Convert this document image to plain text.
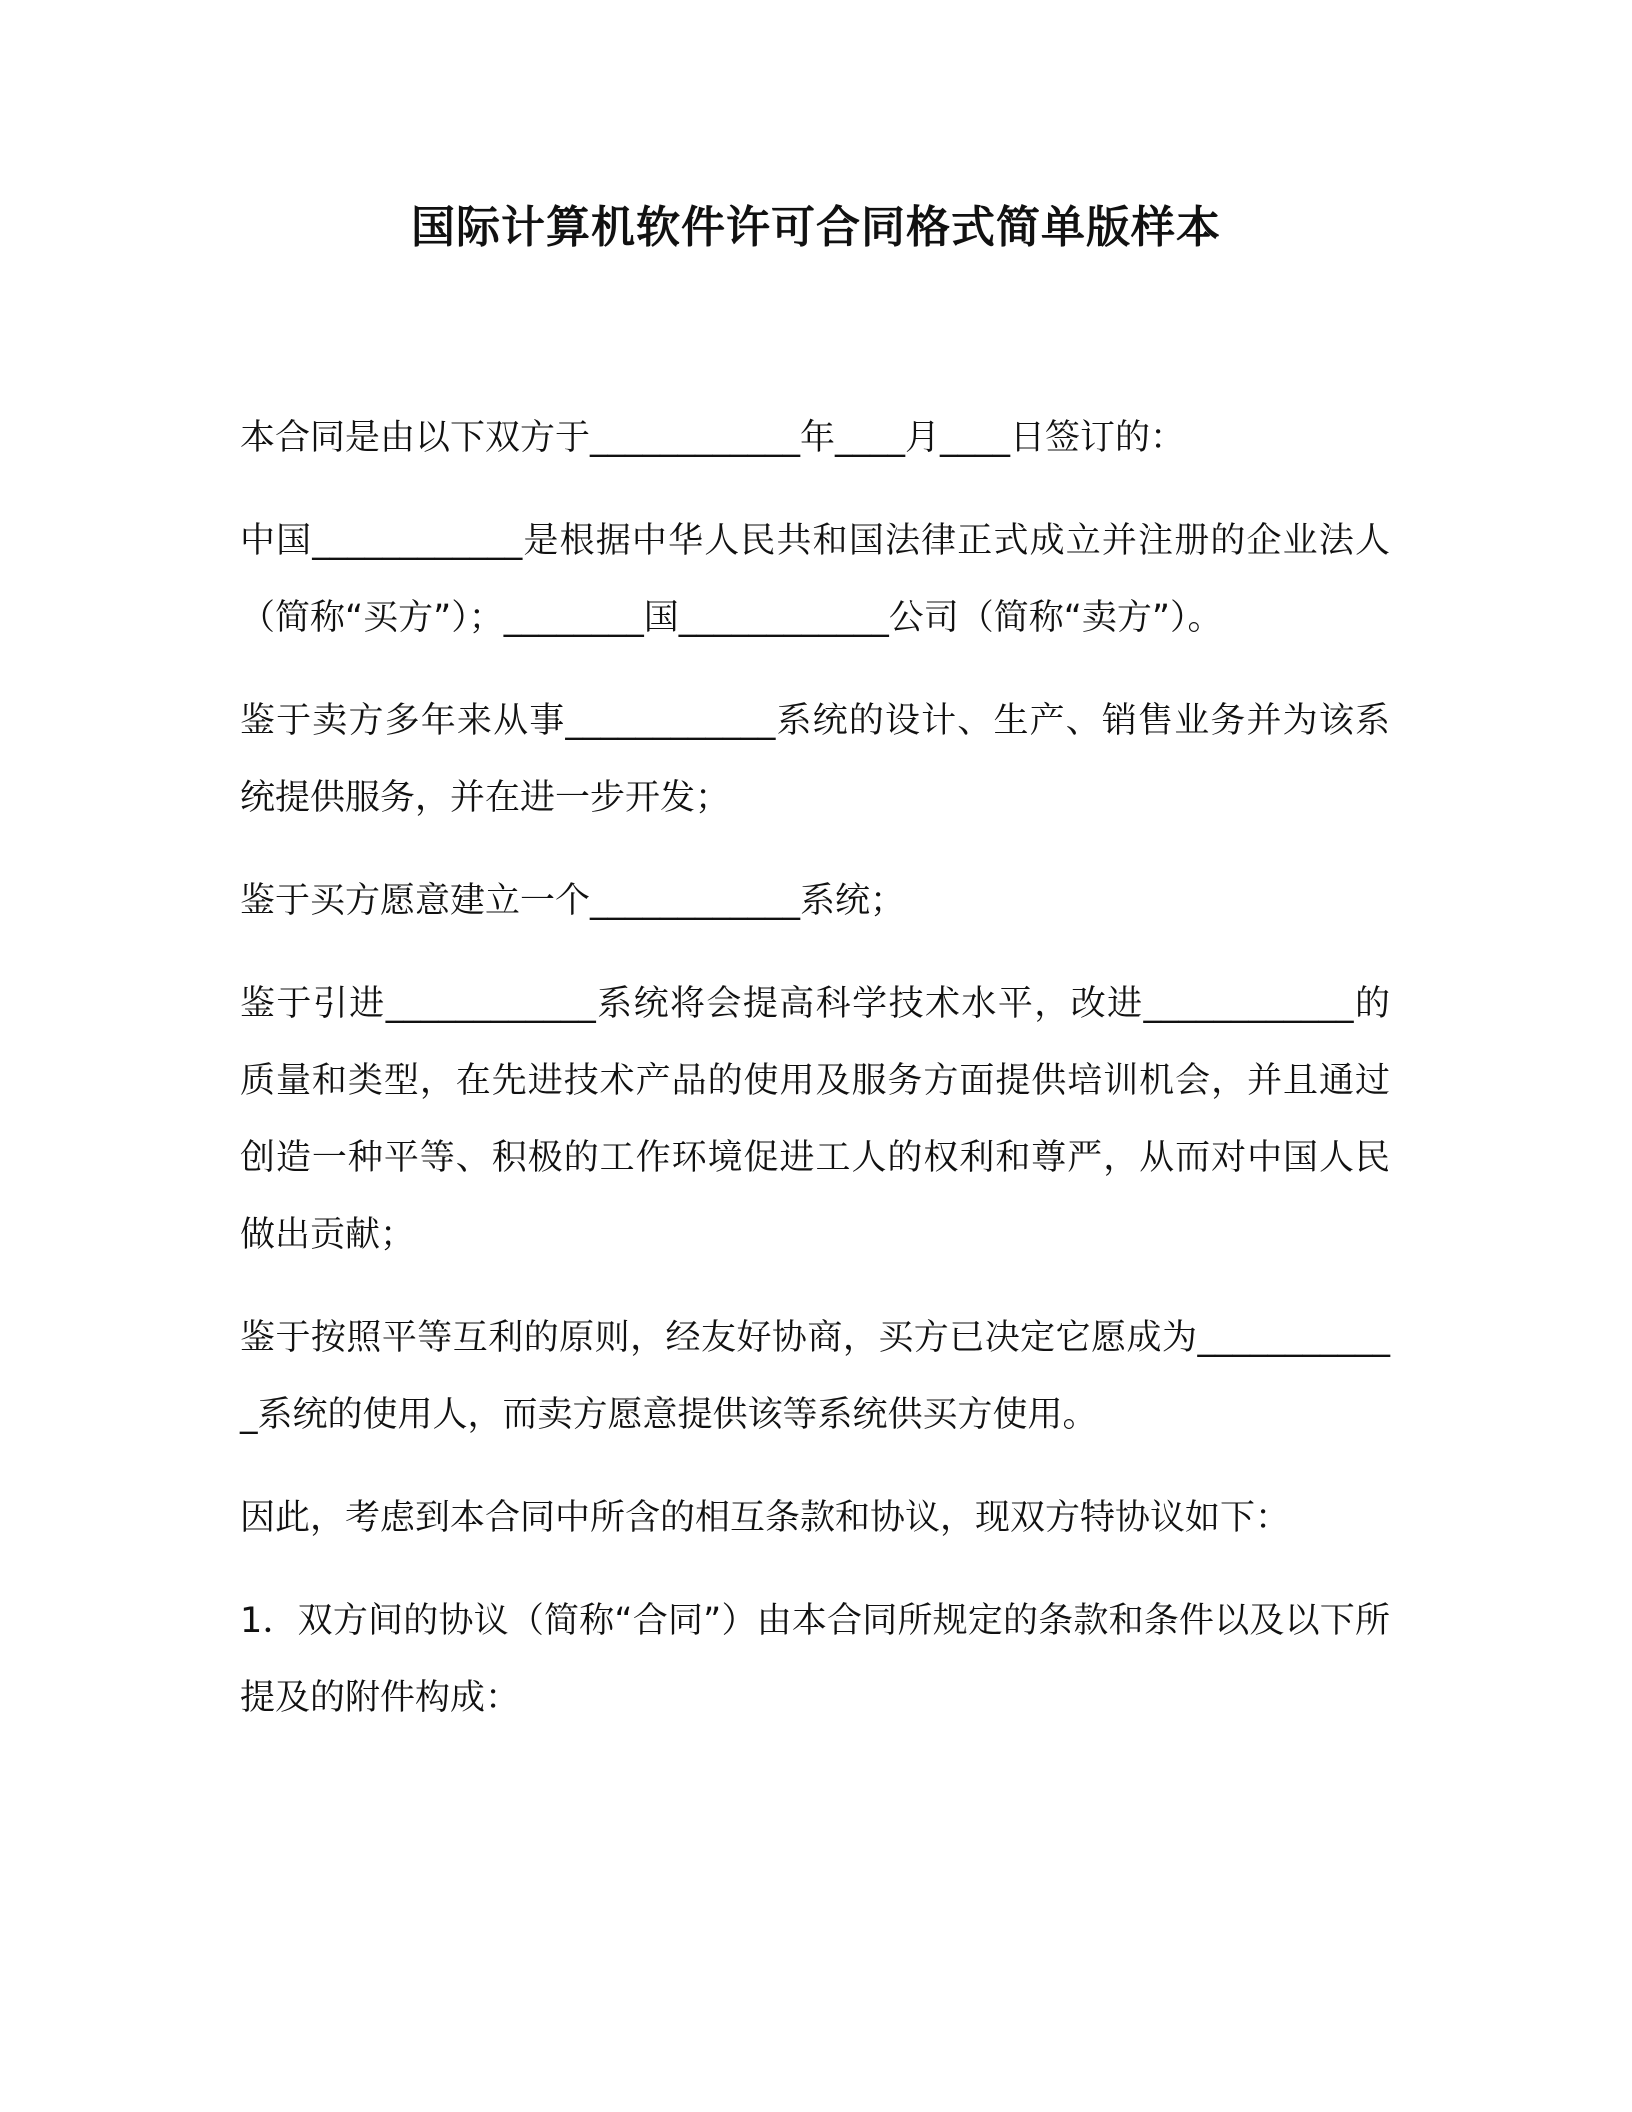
国际计算机软件许可合同格式简单版样本

本合同是由以下双方于____________年____月____日签订的：

中国____________是根据中华人民共和国法律正式成立并注册的企业法人（简称“买方”）；________国____________公司（简称“卖方”）。

鉴于卖方多年来从事____________系统的设计、生产、销售业务并为该系统提供服务，并在进一步开发；

鉴于买方愿意建立一个____________系统；

鉴于引进____________系统将会提高科学技术水平，改进____________的质量和类型，在先进技术产品的使用及服务方面提供培训机会，并且通过创造一种平等、积极的工作环境促进工人的权利和尊严，从而对中国人民做出贡献；

鉴于按照平等互利的原则，经友好协商，买方已决定它愿成为____________系统的使用人，而卖方愿意提供该等系统供买方使用。

因此，考虑到本合同中所含的相互条款和协议，现双方特协议如下：

1．双方间的协议（简称“合同”）由本合同所规定的条款和条件以及以下所提及的附件构成：
